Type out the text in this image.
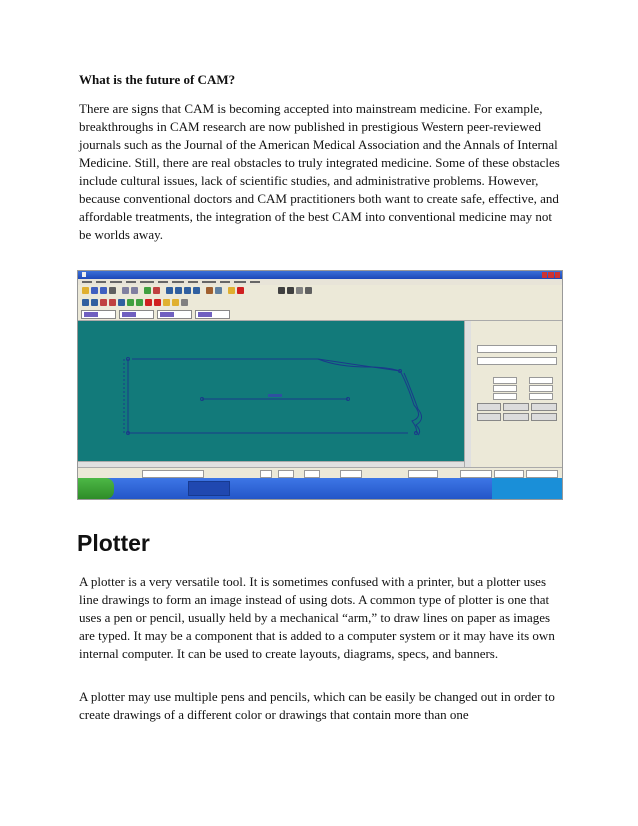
What is the future of CAM?

There are signs that CAM is becoming accepted into mainstream medicine. For example, breakthroughs in CAM research are now published in prestigious Western peer-reviewed journals such as the Journal of the American Medical Association and the Annals of Internal Medicine. Still, there are real obstacles to truly integrated medicine. Some of these obstacles include cultural issues, lack of scientific studies, and administrative problems. However, because conventional doctors and CAM practitioners both want to create safe, effective, and affordable treatments, the integration of the best CAM into conventional medicine may not be worlds away.

Plotter

A plotter is a very versatile tool. It is sometimes confused with a printer, but a plotter uses line drawings to form an image instead of using dots. A common type of plotter is one that uses a pen or pencil, usually held by a mechanical “arm,” to draw lines on paper as images are typed. It may be a component that is added to a computer system or it may have its own internal computer. It can be used to create layouts, diagrams, specs, and banners.

A plotter may use multiple pens and pencils, which can be easily be changed out in order to create drawings of a different color or drawings that contain more than one
